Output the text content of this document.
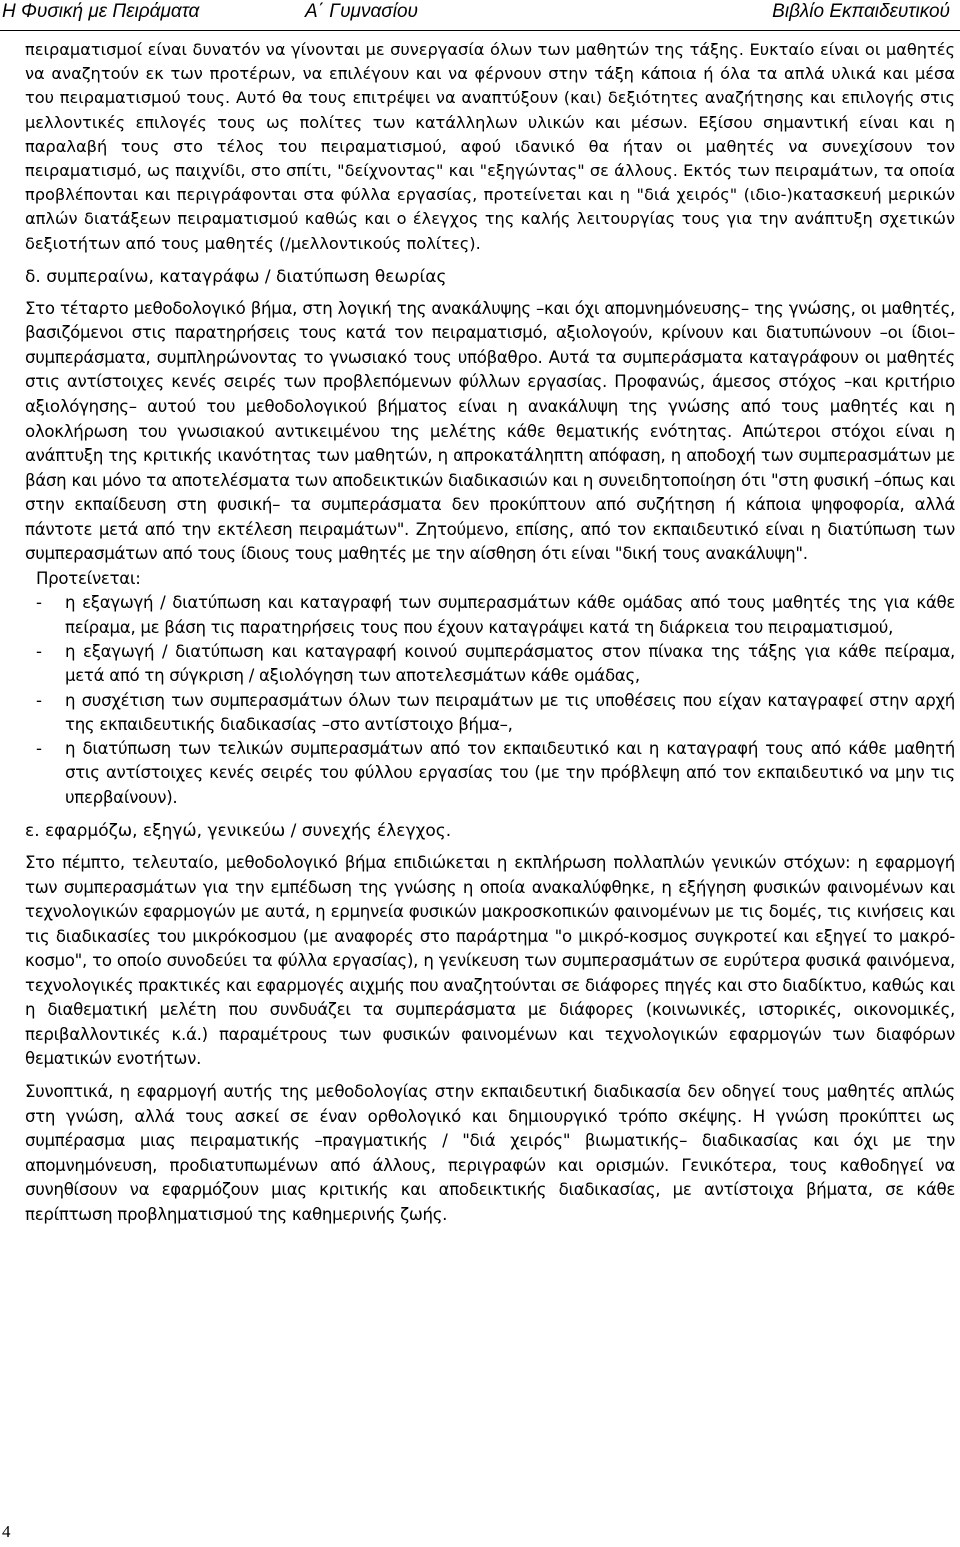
Η Φυσική με Πειράματα	Α΄ Γυμνασίου	Βιβλίο Εκπαιδευτικού

πειραματισμοί είναι δυνατόν να γίνονται με συνεργασία όλων των μαθητών της τάξης. Ευκταίο είναι οι μαθητές να αναζητούν εκ των προτέρων, να επιλέγουν και να φέρνουν στην τάξη κάποια ή όλα τα απλά υλικά και μέσα του πειραματισμού τους. Αυτό θα τους επιτρέψει να αναπτύξουν (και) δεξιότητες αναζήτησης και επιλογής στις μελλοντικές επιλογές τους ως πολίτες των κατάλληλων υλικών και μέσων. Εξίσου σημαντική είναι και η παραλαβή τους στο τέλος του πειραματισμού, αφού ιδανικό θα ήταν οι μαθητές να συνεχίσουν τον πειραματισμό, ως παιχνίδι, στο σπίτι, "δείχνοντας" και "εξηγώντας" σε άλλους. Εκτός των πειραμάτων, τα οποία προβλέπονται και περιγράφονται στα φύλλα εργασίας, προτείνεται και η "διά χειρός" (ιδιο-)κατασκευή μερικών απλών διατάξεων πειραματισμού καθώς και ο έλεγχος της καλής λειτουργίας τους για την ανάπτυξη σχετικών δεξιοτήτων από τους μαθητές (/μελλοντικούς πολίτες).

δ. συμπεραίνω, καταγράφω / διατύπωση θεωρίας

Στο τέταρτο μεθοδολογικό βήμα, στη λογική της ανακάλυψης –και όχι απομνημόνευσης– της γνώσης, οι μαθητές, βασιζόμενοι στις παρατηρήσεις τους κατά τον πειραματισμό, αξιολογούν, κρίνουν και διατυπώνουν –οι ίδιοι– συμπεράσματα, συμπληρώνοντας το γνωσιακό τους υπόβαθρο. Αυτά τα συμπεράσματα καταγράφουν οι μαθητές στις αντίστοιχες κενές σειρές των προβλεπόμενων φύλλων εργασίας. Προφανώς, άμεσος στόχος –και κριτήριο αξιολόγησης– αυτού του μεθοδολογικού βήματος είναι η ανακάλυψη της γνώσης από τους μαθητές και η ολοκλήρωση του γνωσιακού αντικειμένου της μελέτης κάθε θεματικής ενότητας. Απώτεροι στόχοι είναι η ανάπτυξη της κριτικής ικανότητας των μαθητών, η απροκατάληπτη απόφαση, η αποδοχή των συμπερασμάτων με βάση και μόνο τα αποτελέσματα των αποδεικτικών διαδικασιών και η συνειδητοποίηση ότι "στη φυσική –όπως και στην εκπαίδευση στη φυσική– τα συμπεράσματα δεν προκύπτουν από συζήτηση ή κάποια ψηφοφορία, αλλά πάντοτε μετά από την εκτέλεση πειραμάτων". Ζητούμενο, επίσης, από τον εκπαιδευτικό είναι η διατύπωση των συμπερασμάτων από τους ίδιους τους μαθητές με την αίσθηση ότι είναι "δική τους ανακάλυψη".

Προτείνεται:

- η εξαγωγή / διατύπωση και καταγραφή των συμπερασμάτων κάθε ομάδας από τους μαθητές της για κάθε πείραμα, με βάση τις παρατηρήσεις τους που έχουν καταγράψει κατά τη διάρκεια του πειραματισμού,
- η εξαγωγή / διατύπωση και καταγραφή κοινού συμπεράσματος στον πίνακα της τάξης για κάθε πείραμα, μετά από τη σύγκριση / αξιολόγηση των αποτελεσμάτων κάθε ομάδας,
- η συσχέτιση των συμπερασμάτων όλων των πειραμάτων με τις υποθέσεις που είχαν καταγραφεί στην αρχή της εκπαιδευτικής διαδικασίας –στο αντίστοιχο βήμα–,
- η διατύπωση των τελικών συμπερασμάτων από τον εκπαιδευτικό και η καταγραφή τους από κάθε μαθητή στις αντίστοιχες κενές σειρές του φύλλου εργασίας του (με την πρόβλεψη από τον εκπαιδευτικό να μην τις υπερβαίνουν).

ε. εφαρμόζω, εξηγώ, γενικεύω / συνεχής έλεγχος.

Στο πέμπτο, τελευταίο, μεθοδολογικό βήμα επιδιώκεται η εκπλήρωση πολλαπλών γενικών στόχων: η εφαρμογή των συμπερασμάτων για την εμπέδωση της γνώσης η οποία ανακαλύφθηκε, η εξήγηση φυσικών φαινομένων και τεχνολογικών εφαρμογών με αυτά, η ερμηνεία φυσικών μακροσκοπικών φαινομένων με τις δομές, τις κινήσεις και τις διαδικασίες του μικρόκοσμου (με αναφορές στο παράρτημα "ο μικρό-κοσμος συγκροτεί και εξηγεί το μακρό-κοσμο", το οποίο συνοδεύει τα φύλλα εργασίας), η γενίκευση των συμπερασμάτων σε ευρύτερα φυσικά φαινόμενα, τεχνολογικές πρακτικές και εφαρμογές αιχμής που αναζητούνται σε διάφορες πηγές και στο διαδίκτυο, καθώς και η διαθεματική μελέτη που συνδυάζει τα συμπεράσματα με διάφορες (κοινωνικές, ιστορικές, οικονομικές, περιβαλλοντικές κ.ά.) παραμέτρους των φυσικών φαινομένων και τεχνολογικών εφαρμογών των διαφόρων θεματικών ενοτήτων.

Συνοπτικά, η εφαρμογή αυτής της μεθοδολογίας στην εκπαιδευτική διαδικασία δεν οδηγεί τους μαθητές απλώς στη γνώση, αλλά τους ασκεί σε έναν ορθολογικό και δημιουργικό τρόπο σκέψης. Η γνώση προκύπτει ως συμπέρασμα μιας πειραματικής –πραγματικής / "διά χειρός" βιωματικής– διαδικασίας και όχι με την απομνημόνευση, προδιατυπωμένων από άλλους, περιγραφών και ορισμών. Γενικότερα, τους καθοδηγεί να συνηθίσουν να εφαρμόζουν μιας κριτικής και αποδεικτικής διαδικασίας, με αντίστοιχα βήματα, σε κάθε περίπτωση προβληματισμού της καθημερινής ζωής.

4
